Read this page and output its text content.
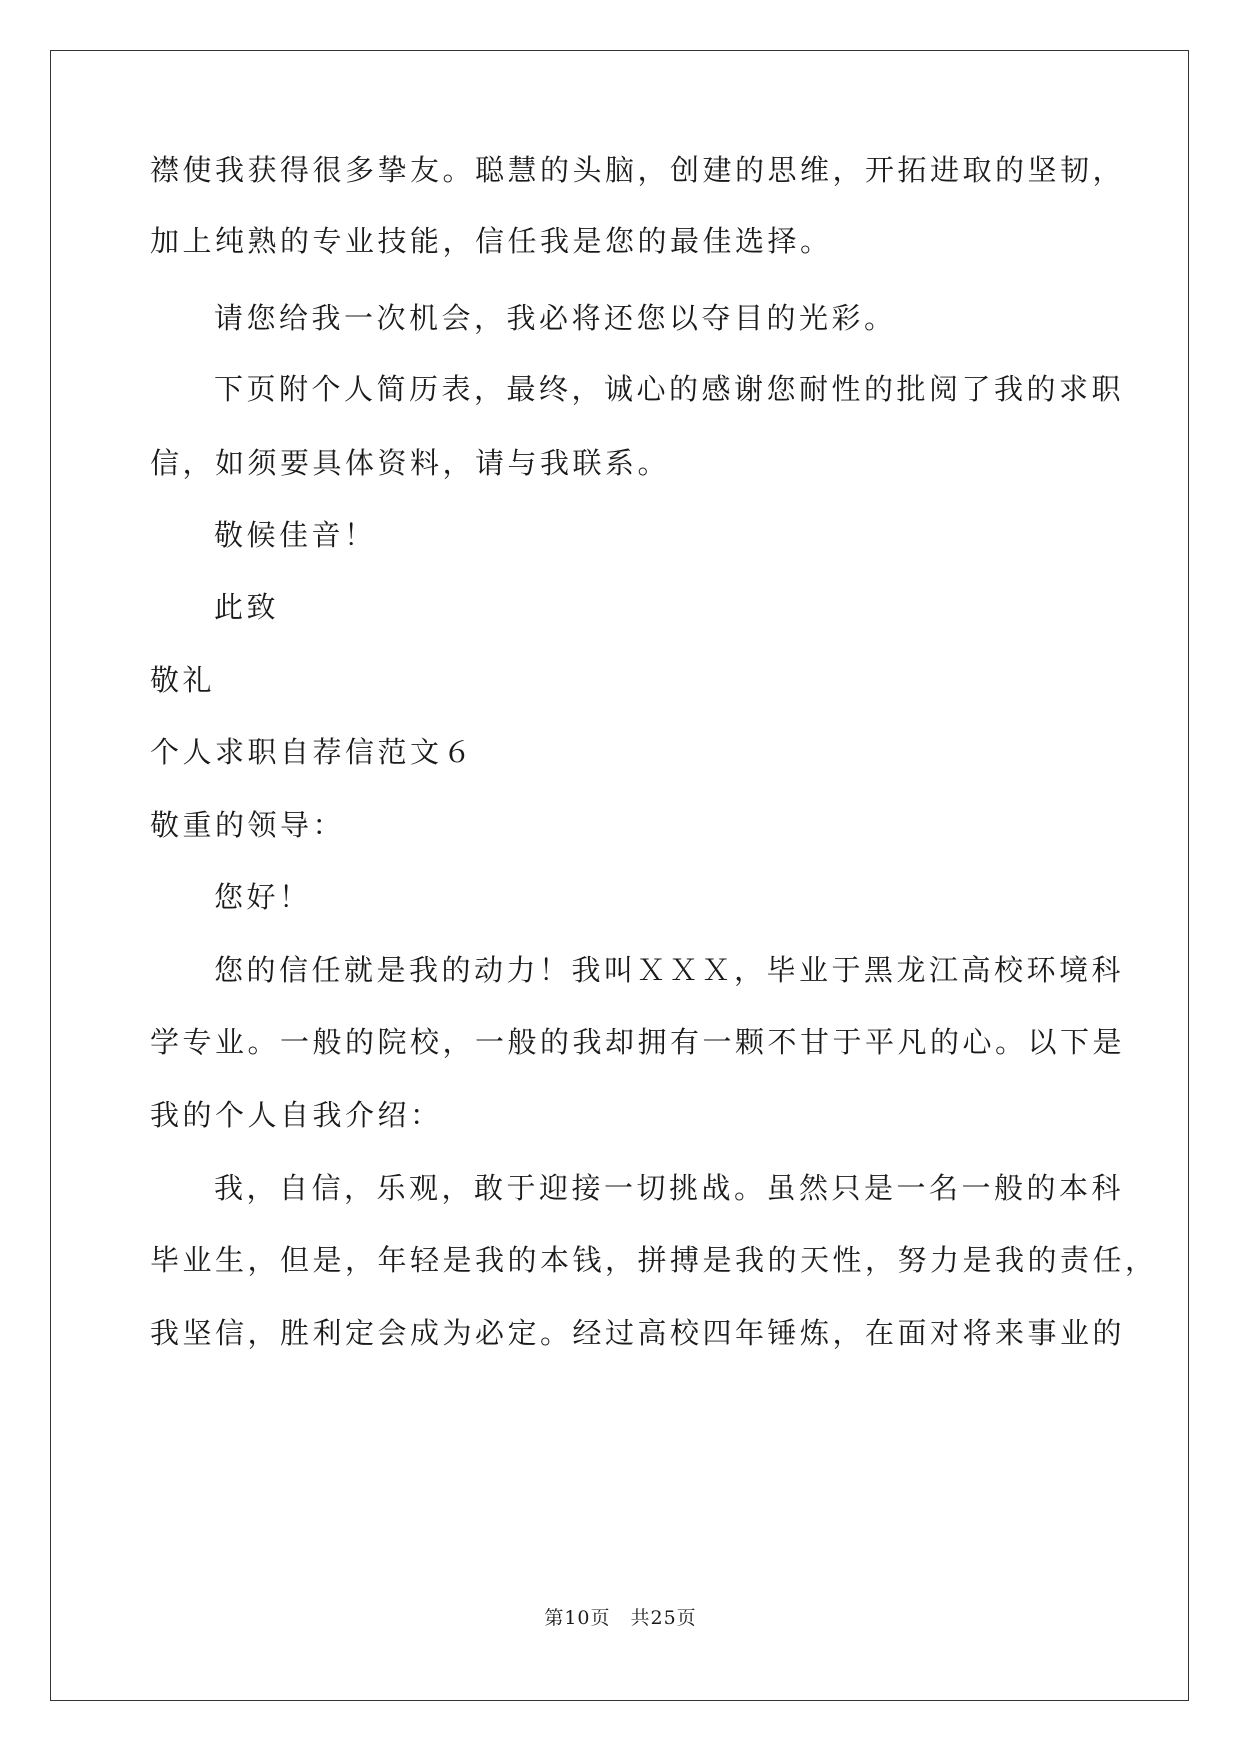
襟使我获得很多挚友。聪慧的头脑，创建的思维，开拓进取的坚韧，
加上纯熟的专业技能，信任我是您的最佳选择。
请您给我一次机会，我必将还您以夺目的光彩。
下页附个人简历表，最终，诚心的感谢您耐性的批阅了我的求职
信，如须要具体资料，请与我联系。
敬候佳音！
此致
敬礼
个人求职自荐信范文６
敬重的领导：
您好！
您的信任就是我的动力！我叫ＸＸＸ，毕业于黑龙江高校环境科
学专业。一般的院校，一般的我却拥有一颗不甘于平凡的心。以下是
我的个人自我介绍：
我，自信，乐观，敢于迎接一切挑战。虽然只是一名一般的本科
毕业生，但是，年轻是我的本钱，拼搏是我的天性，努力是我的责任，
我坚信，胜利定会成为必定。经过高校四年锤炼，在面对将来事业的
第10页　共25页
